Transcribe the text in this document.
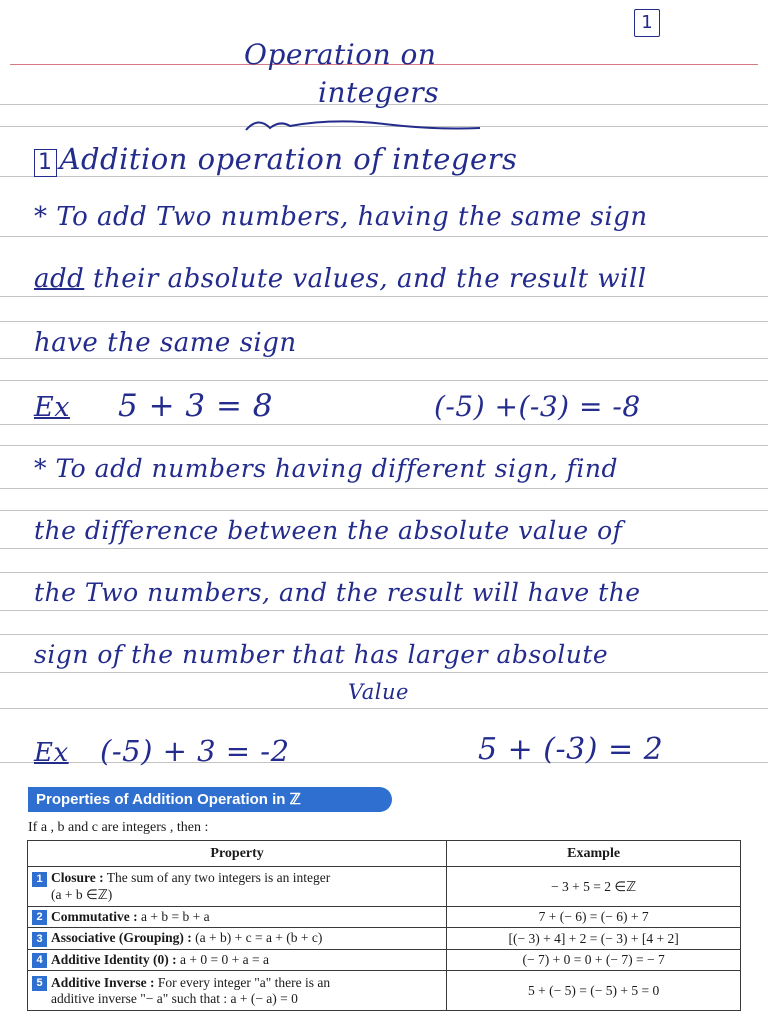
1
Operation on
integers
1 Addition operation of integers
* To add Two numbers, having the same sign
add their absolute values, and the result will
have the same sign
Ex 5 + 3 = 8	(-5) +(-3) = -8
* To add numbers having different sign, find
the difference between the absolute value of
the Two numbers, and the result will have the
sign of the number that has larger absolute
Value
Ex (-5) + 3 = -2	5 + (-3) = 2
Properties of Addition Operation in ℤ
If a , b and c are integers , then :
Property	Example

1 Closure : The sum of any two integers is an integer
(a + b ∈ℤ)	− 3 + 5 = 2 ∈ℤ
2 Commutative : a + b = b + a	7 + (− 6) = (− 6) + 7
3 Associative (Grouping) : (a + b) + c = a + (b + c)	[(− 3) + 4] + 2 = (− 3) + [4 + 2]
4 Additive Identity (0) : a + 0 = 0 + a = a	(− 7) + 0 = 0 + (− 7) = − 7

5 Additive Inverse : For every integer "a" there is an
additive inverse "− a" such that : a + (− a) = 0	5 + (− 5) = (− 5) + 5 = 0
